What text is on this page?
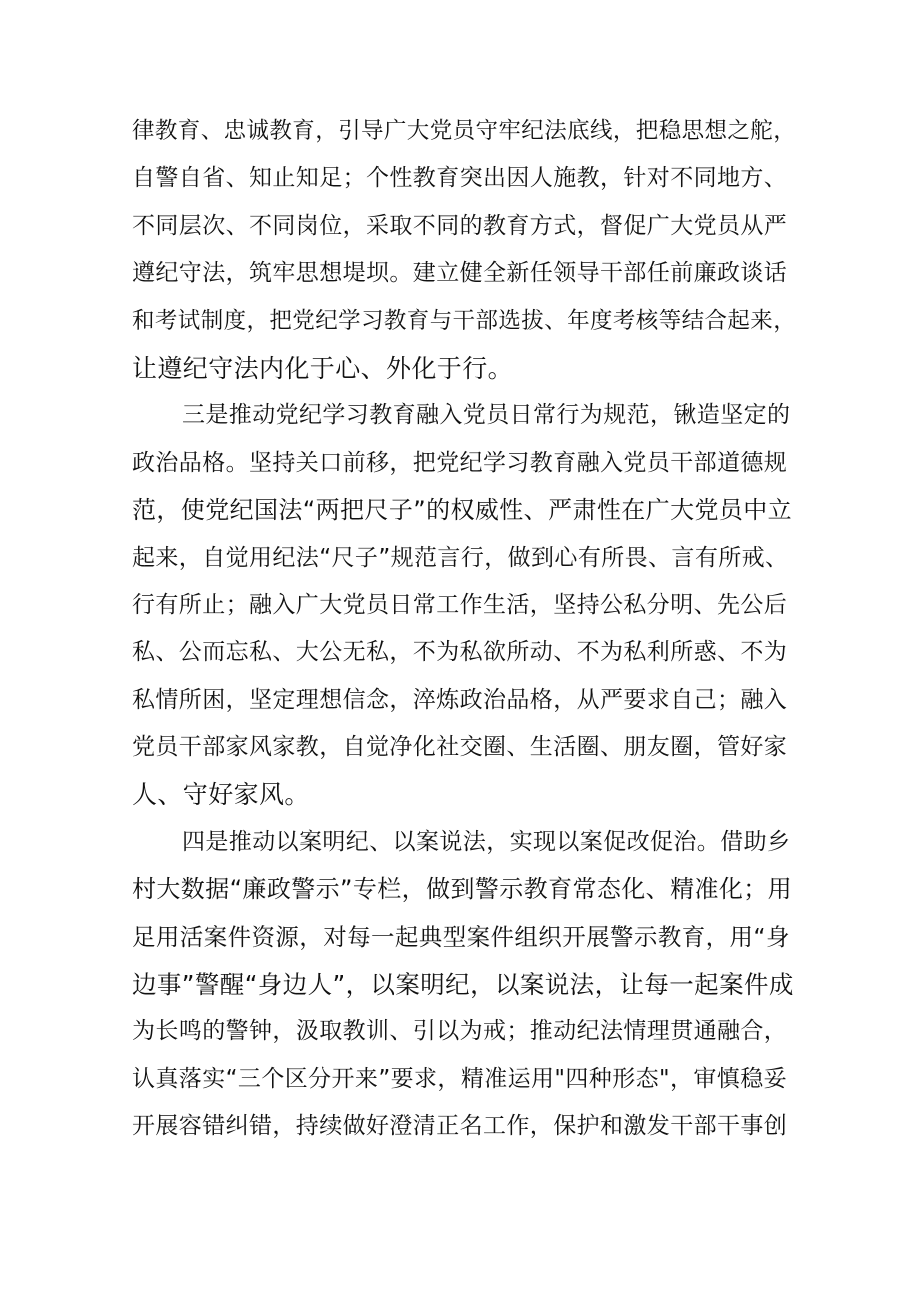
律教育、忠诚教育，引导广大党员守牢纪法底线，把稳思想之舵，
自警自省、知止知足；个性教育突出因人施教，针对不同地方、
不同层次、不同岗位，采取不同的教育方式，督促广大党员从严
遵纪守法，筑牢思想堤坝。建立健全新任领导干部任前廉政谈话
和考试制度，把党纪学习教育与干部选拔、年度考核等结合起来，
让遵纪守法内化于心、外化于行。
三是推动党纪学习教育融入党员日常行为规范，锹造坚定的
政治品格。坚持关口前移，把党纪学习教育融入党员干部道德规
范，使党纪国法“两把尺子”的权威性、严肃性在广大党员中立
起来，自觉用纪法“尺子”规范言行，做到心有所畏、言有所戒、
行有所止；融入广大党员日常工作生活，坚持公私分明、先公后
私、公而忘私、大公无私，不为私欲所动、不为私利所惑、不为
私情所困，坚定理想信念，淬炼政治品格，从严要求自己；融入
党员干部家风家教，自觉净化社交圈、生活圈、朋友圈，管好家
人、守好家风。
四是推动以案明纪、以案说法，实现以案促改促治。借助乡
村大数据“廉政警示”专栏，做到警示教育常态化、精准化；用
足用活案件资源，对每一起典型案件组织开展警示教育，用“身
边事”警醒“身边人”，以案明纪，以案说法，让每一起案件成
为长鸣的警钟，汲取教训、引以为戒；推动纪法情理贯通融合，
认真落实“三个区分开来”要求，精准运用"四种形态"，审慎稳妥
开展容错纠错，持续做好澄清正名工作，保护和激发干部干事创
